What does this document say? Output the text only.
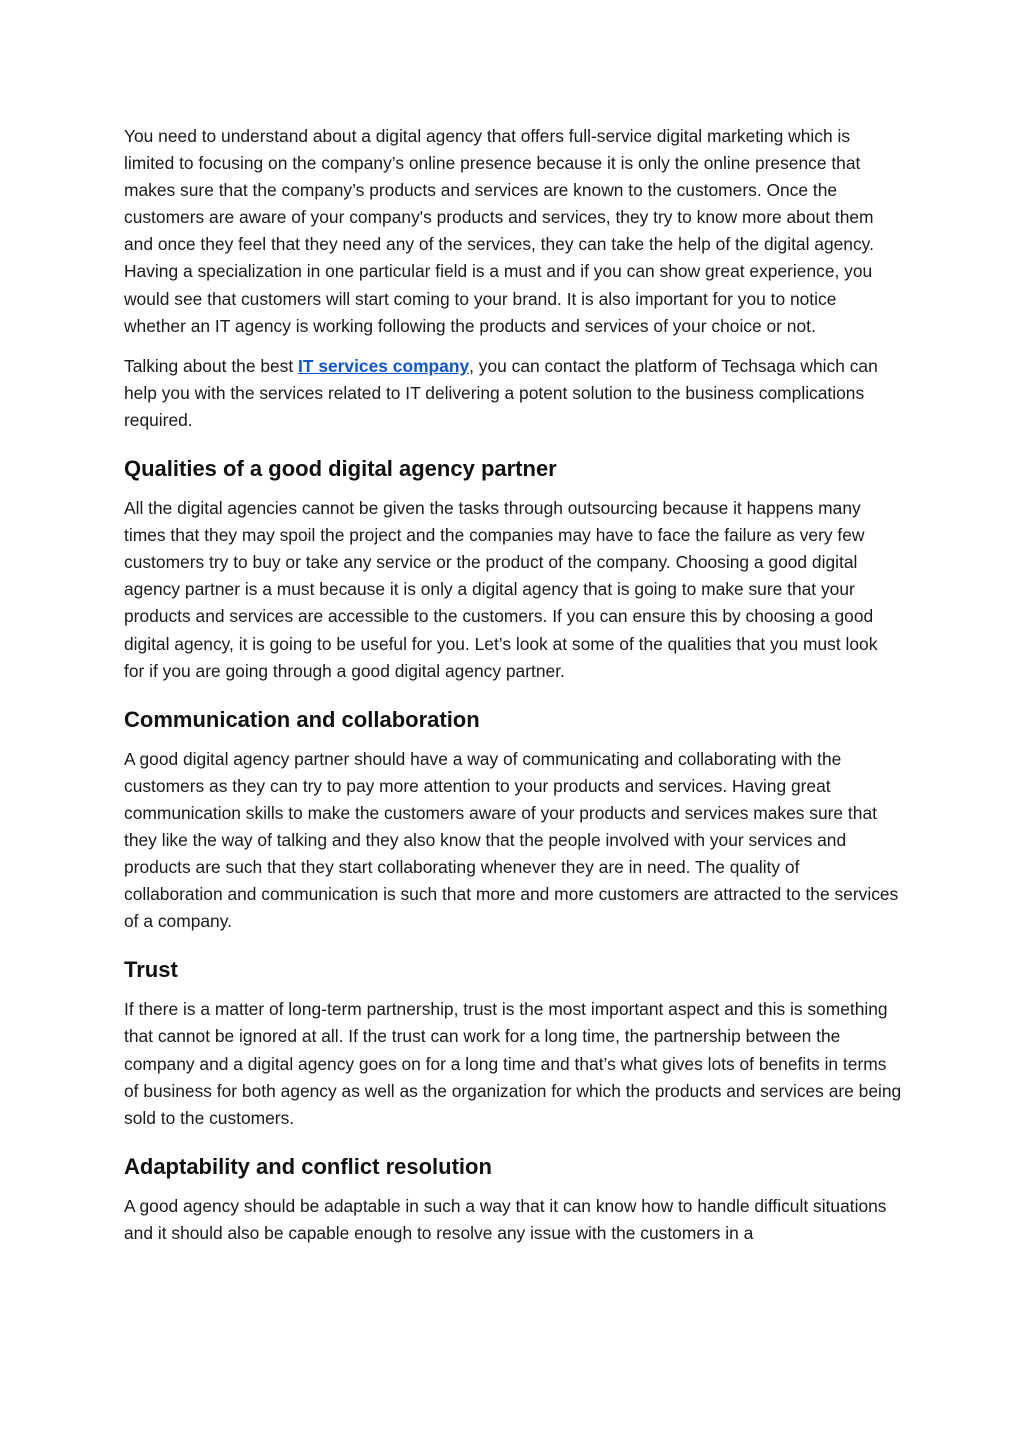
You need to understand about a digital agency that offers full-service digital marketing which is limited to focusing on the company’s online presence because it is only the online presence that makes sure that the company’s products and services are known to the customers. Once the customers are aware of your company's products and services, they try to know more about them and once they feel that they need any of the services, they can take the help of the digital agency. Having a specialization in one particular field is a must and if you can show great experience, you would see that customers will start coming to your brand. It is also important for you to notice whether an IT agency is working following the products and services of your choice or not.

Talking about the best IT services company, you can contact the platform of Techsaga which can help you with the services related to IT delivering a potent solution to the business complications required.

Qualities of a good digital agency partner

All the digital agencies cannot be given the tasks through outsourcing because it happens many times that they may spoil the project and the companies may have to face the failure as very few customers try to buy or take any service or the product of the company. Choosing a good digital agency partner is a must because it is only a digital agency that is going to make sure that your products and services are accessible to the customers. If you can ensure this by choosing a good digital agency, it is going to be useful for you. Let’s look at some of the qualities that you must look for if you are going through a good digital agency partner.

Communication and collaboration

A good digital agency partner should have a way of communicating and collaborating with the customers as they can try to pay more attention to your products and services. Having great communication skills to make the customers aware of your products and services makes sure that they like the way of talking and they also know that the people involved with your services and products are such that they start collaborating whenever they are in need. The quality of collaboration and communication is such that more and more customers are attracted to the services of a company.

Trust

If there is a matter of long-term partnership, trust is the most important aspect and this is something that cannot be ignored at all. If the trust can work for a long time, the partnership between the company and a digital agency goes on for a long time and that’s what gives lots of benefits in terms of business for both agency as well as the organization for which the products and services are being sold to the customers.

Adaptability and conflict resolution

A good agency should be adaptable in such a way that it can know how to handle difficult situations and it should also be capable enough to resolve any issue with the customers in a
